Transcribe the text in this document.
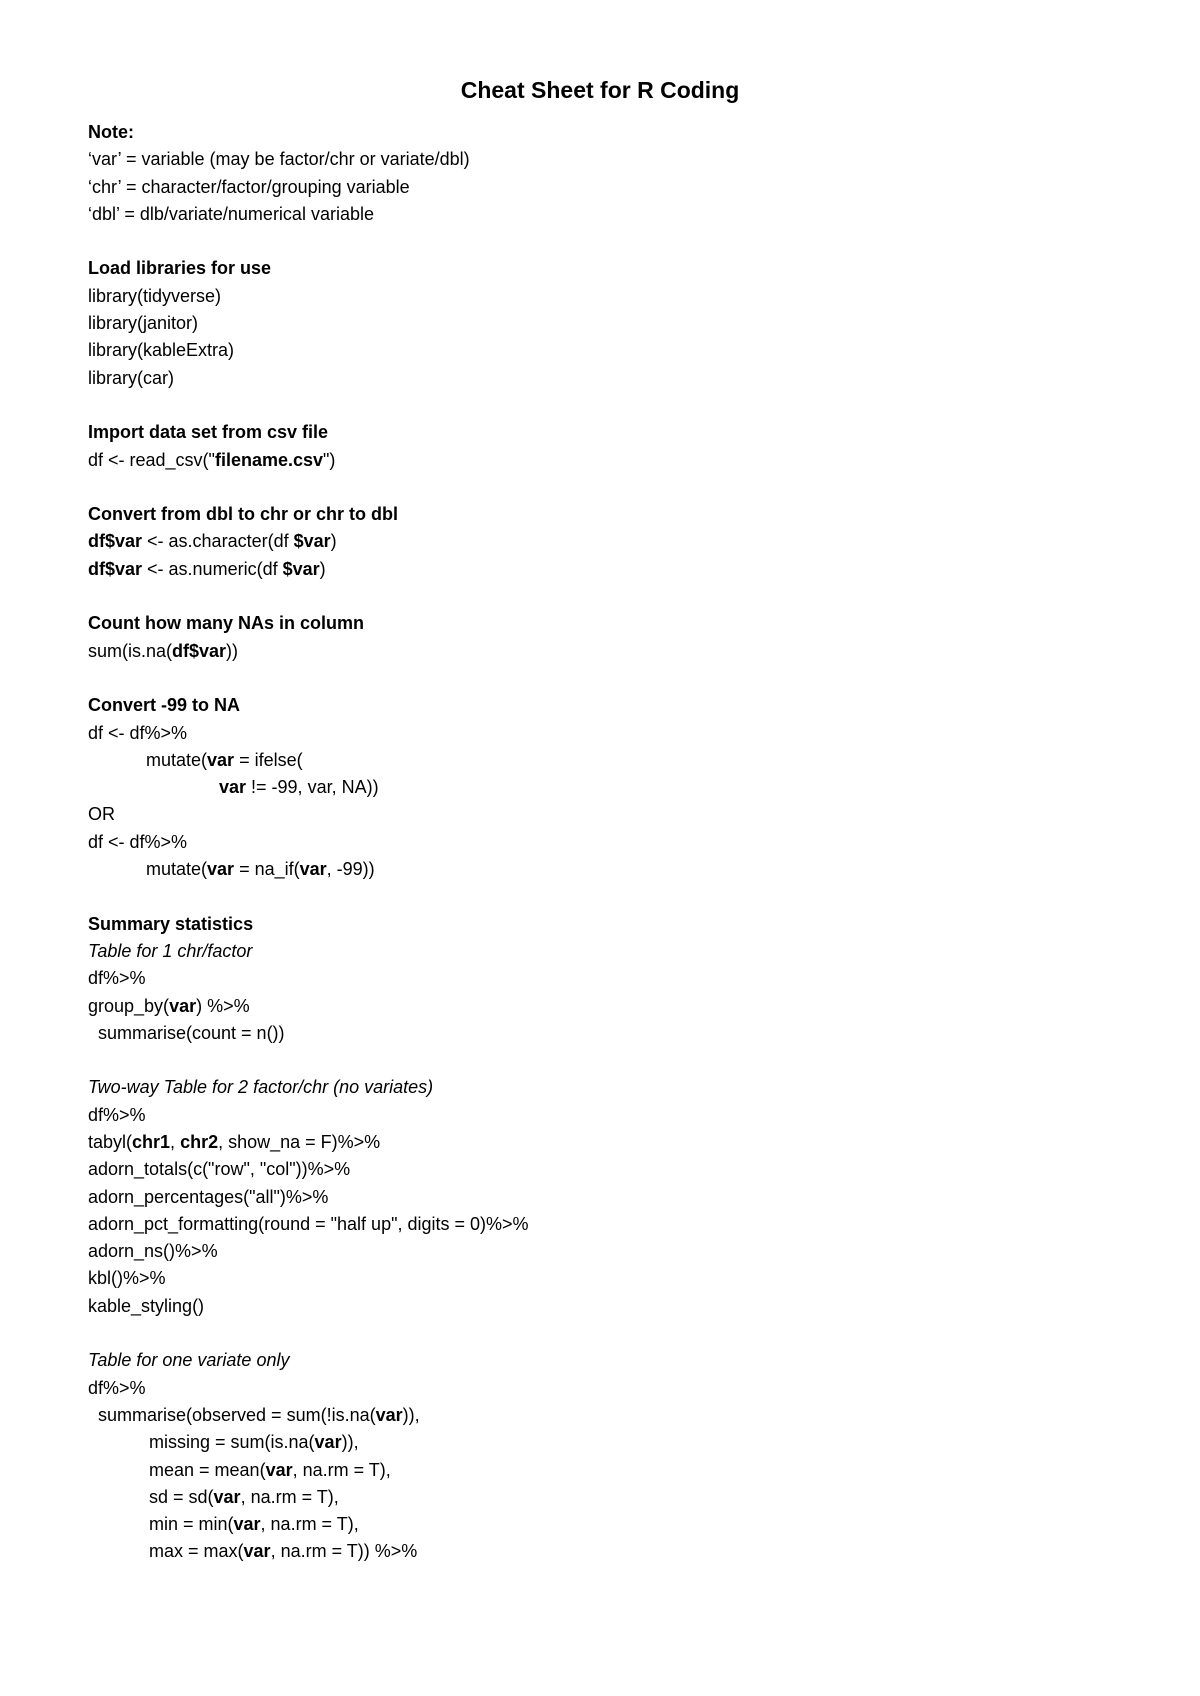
Cheat Sheet for R Coding
Note:
‘var’ = variable (may be factor/chr or variate/dbl)
‘chr’ = character/factor/grouping variable
‘dbl’ = dlb/variate/numerical variable
Load libraries for use
library(tidyverse)
library(janitor)
library(kableExtra)
library(car)
Import data set from csv file
df <- read_csv("filename.csv")
Convert from dbl to chr or chr to dbl
df$var <- as.character(df $var)
df$var <- as.numeric(df $var)
Count how many NAs in column
sum(is.na(df$var))
Convert -99 to NA
df <- df%>%
mutate(var = ifelse(
var != -99, var, NA))
OR
df <- df%>%
mutate(var = na_if(var, -99))
Summary statistics
Table for 1 chr/factor
df%>%
group_by(var) %>%
summarise(count = n())
Two-way Table for 2 factor/chr (no variates)
df%>%
tabyl(chr1, chr2, show_na = F)%>%
adorn_totals(c("row", "col"))%>%
adorn_percentages("all")%>%
adorn_pct_formatting(round = "half up", digits = 0)%>%
adorn_ns()%>%
kbl()%>%
kable_styling()
Table for one variate only
df%>%
summarise(observed = sum(!is.na(var)),
missing = sum(is.na(var)),
mean = mean(var, na.rm = T),
sd = sd(var, na.rm = T),
min = min(var, na.rm = T),
max = max(var, na.rm = T)) %>%
